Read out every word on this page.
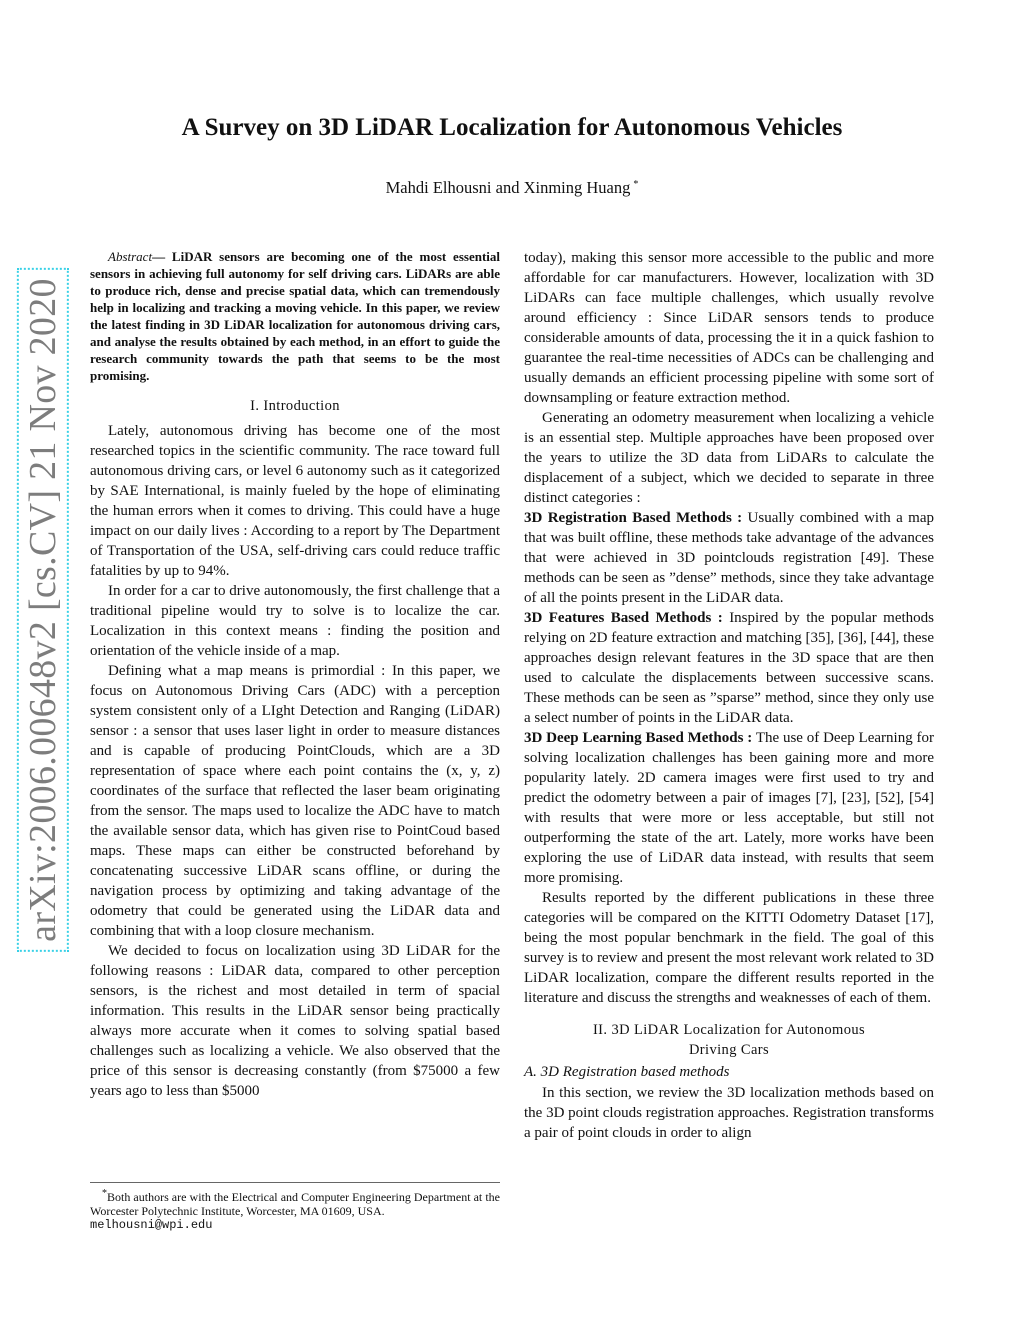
arXiv:2006.00648v2 [cs.CV] 21 Nov 2020
A Survey on 3D LiDAR Localization for Autonomous Vehicles
Mahdi Elhousni and Xinming Huang *

Abstract— LiDAR sensors are becoming one of the most essential sensors in achieving full autonomy for self driving cars. LiDARs are able to produce rich, dense and precise spatial data, which can tremendously help in localizing and tracking a moving vehicle. In this paper, we review the latest finding in 3D LiDAR localization for autonomous driving cars, and analyse the results obtained by each method, in an effort to guide the research community towards the path that seems to be the most promising.

I. Introduction

Lately, autonomous driving has become one of the most researched topics in the scientific community. The race toward full autonomous driving cars, or level 6 autonomy such as it categorized by SAE International, is mainly fueled by the hope of eliminating the human errors when it comes to driving. This could have a huge impact on our daily lives : According to a report by The Department of Transportation of the USA, self-driving cars could reduce traffic fatalities by up to 94%.

In order for a car to drive autonomously, the first challenge that a traditional pipeline would try to solve is to localize the car. Localization in this context means : finding the position and orientation of the vehicle inside of a map.

Defining what a map means is primordial : In this paper, we focus on Autonomous Driving Cars (ADC) with a perception system consistent only of a LIght Detection and Ranging (LiDAR) sensor : a sensor that uses laser light in order to measure distances and is capable of producing PointClouds, which are a 3D representation of space where each point contains the (x, y, z) coordinates of the surface that reflected the laser beam originating from the sensor. The maps used to localize the ADC have to match the available sensor data, which has given rise to PointCoud based maps. These maps can either be constructed beforehand by concatenating successive LiDAR scans offline, or during the navigation process by optimizing and taking advantage of the odometry that could be generated using the LiDAR data and combining that with a loop closure mechanism.

We decided to focus on localization using 3D LiDAR for the following reasons : LiDAR data, compared to other perception sensors, is the richest and most detailed in term of spacial information. This results in the LiDAR sensor being practically always more accurate when it comes to solving spatial based challenges such as localizing a vehicle. We also observed that the price of this sensor is decreasing constantly (from $75000 a few years ago to less than $5000

today), making this sensor more accessible to the public and more affordable for car manufacturers. However, localization with 3D LiDARs can face multiple challenges, which usually revolve around efficiency : Since LiDAR sensors tends to produce considerable amounts of data, processing the it in a quick fashion to guarantee the real-time necessities of ADCs can be challenging and usually demands an efficient processing pipeline with some sort of downsampling or feature extraction method.

Generating an odometry measurement when localizing a vehicle is an essential step. Multiple approaches have been proposed over the years to utilize the 3D data from LiDARs to calculate the displacement of a subject, which we decided to separate in three distinct categories :

3D Registration Based Methods : Usually combined with a map that was built offline, these methods take advantage of the advances that were achieved in 3D pointclouds registration [49]. These methods can be seen as ”dense” methods, since they take advantage of all the points present in the LiDAR data.

3D Features Based Methods : Inspired by the popular methods relying on 2D feature extraction and matching [35], [36], [44], these approaches design relevant features in the 3D space that are then used to calculate the displacements between successive scans. These methods can be seen as ”sparse” method, since they only use a select number of points in the LiDAR data.

3D Deep Learning Based Methods : The use of Deep Learning for solving localization challenges has been gaining more and more popularity lately. 2D camera images were first used to try and predict the odometry between a pair of images [7], [23], [52], [54] with results that were more or less acceptable, but still not outperforming the state of the art. Lately, more works have been exploring the use of LiDAR data instead, with results that seem more promising.

Results reported by the different publications in these three categories will be compared on the KITTI Odometry Dataset [17], being the most popular benchmark in the field. The goal of this survey is to review and present the most relevant work related to 3D LiDAR localization, compare the different results reported in the literature and discuss the strengths and weaknesses of each of them.

II. 3D LiDAR Localization for Autonomous
Driving Cars
A. 3D Registration based methods

In this section, we review the 3D localization methods based on the 3D point clouds registration approaches. Registration transforms a pair of point clouds in order to align

*Both authors are with the Electrical and Computer Engineering Department at the Worcester Polytechnic Institute, Worcester, MA 01609, USA.

melhousni@wpi.edu
